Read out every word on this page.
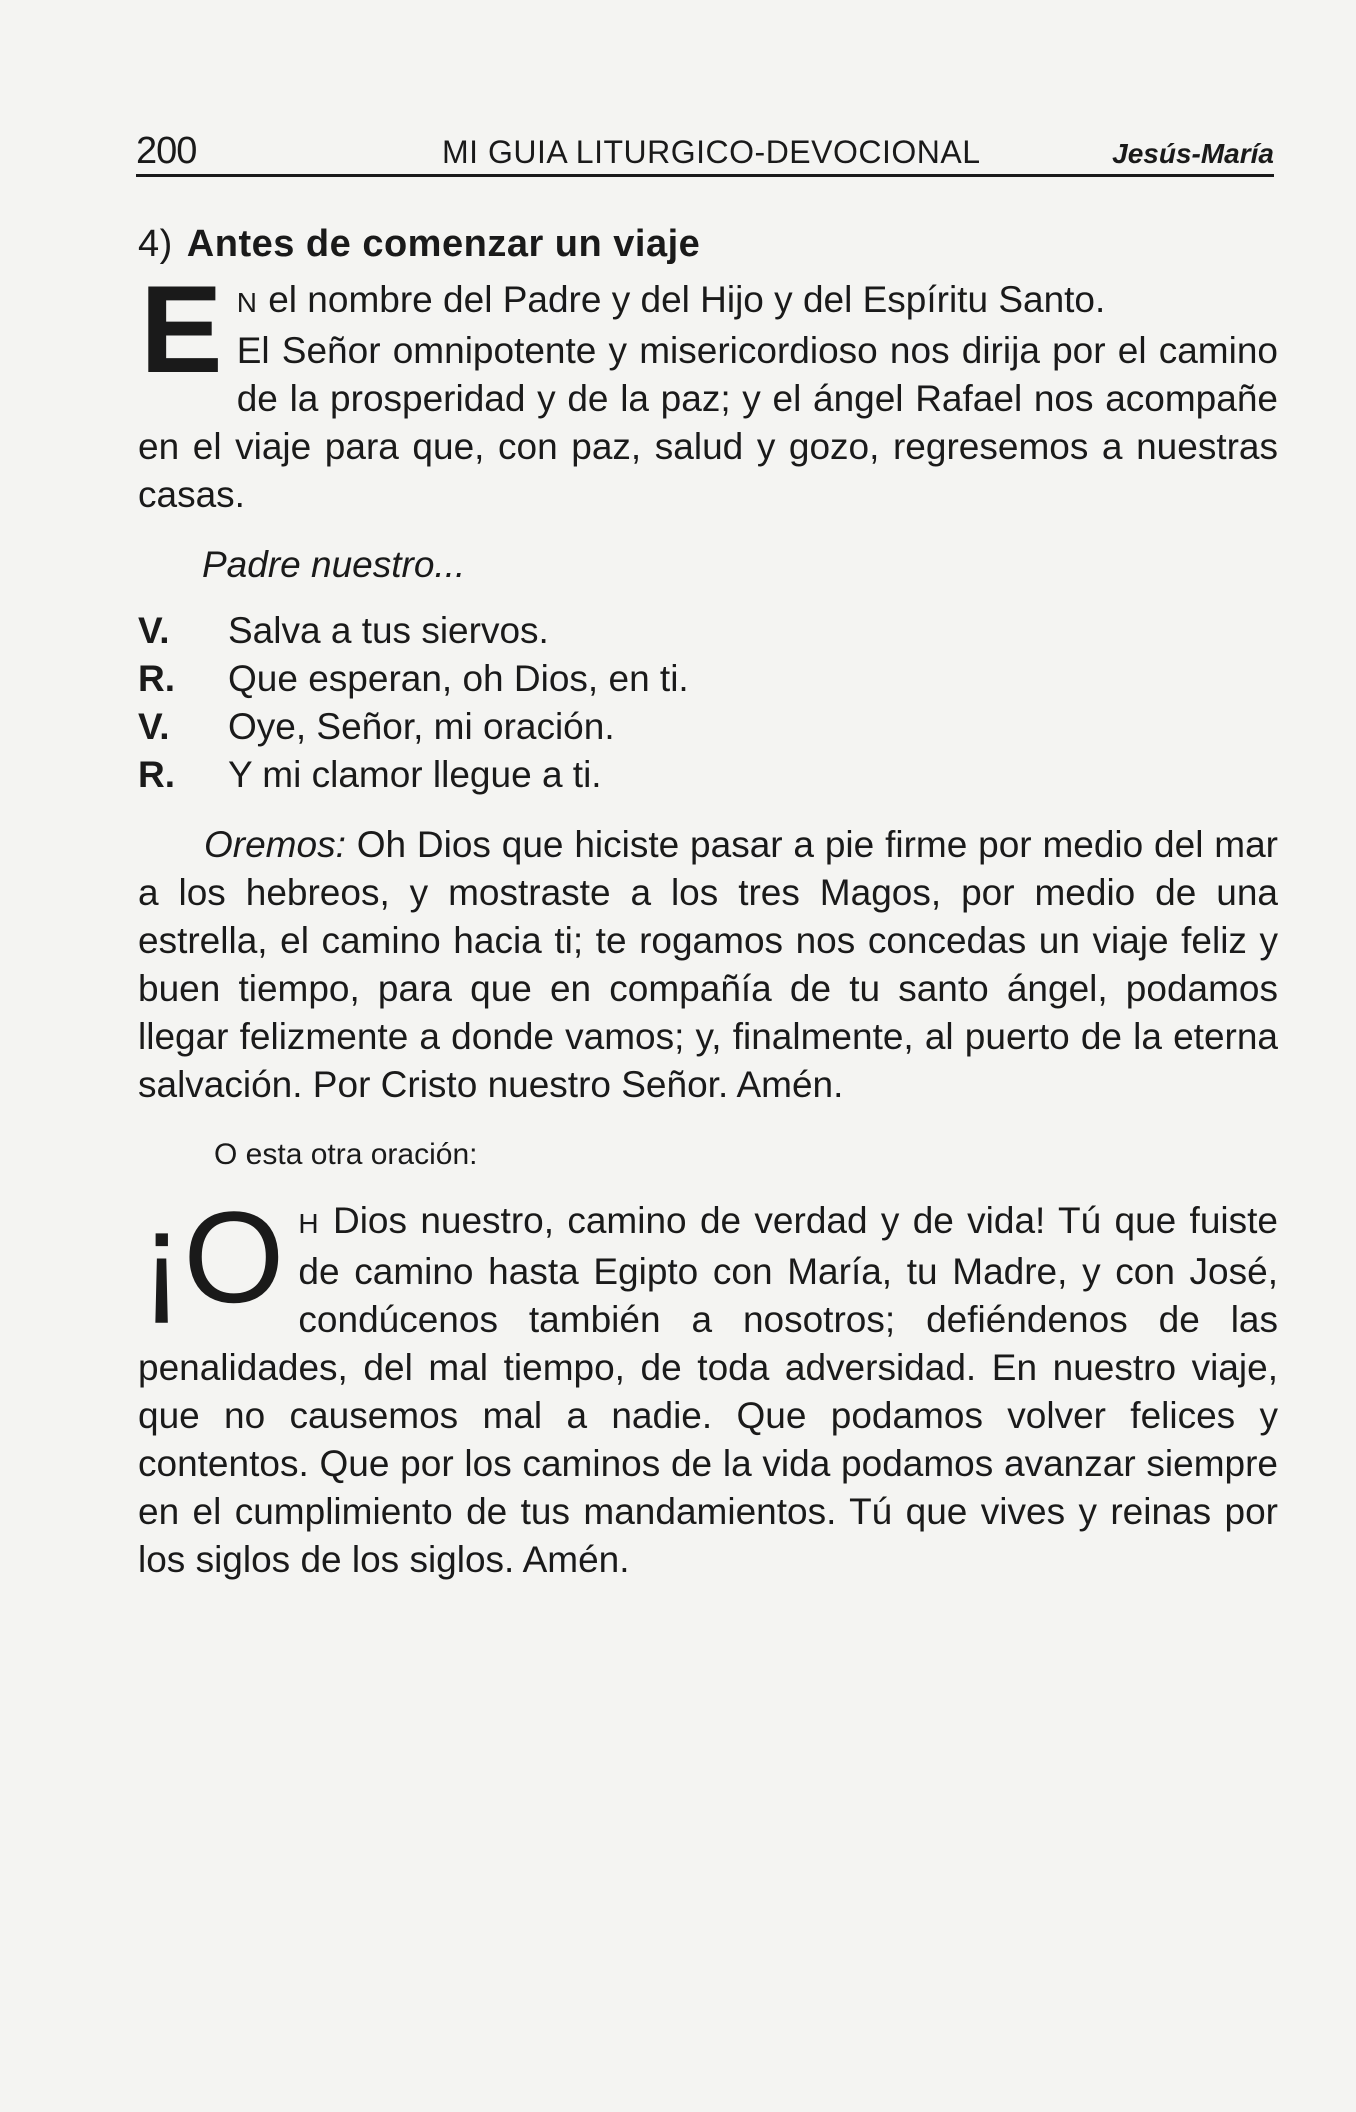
200	MI GUIA LITURGICO-DEVOCIONAL	Jesús-María

4) Antes de comenzar un viaje

E N el nombre del Padre y del Hijo y del Espíritu Santo.

El Señor omnipotente y misericordioso nos dirija por el camino de la prosperidad y de la paz; y el ángel Rafael nos acompañe en el viaje para que, con paz, salud y gozo, regresemos a nuestras casas.

Padre nuestro...

V.	Salva a tus siervos.
R.	Que esperan, oh Dios, en ti.
V.	Oye, Señor, mi oración.
R.	Y mi clamor llegue a ti.

Oremos: Oh Dios que hiciste pasar a pie firme por medio del mar a los hebreos, y mostraste a los tres Magos, por medio de una estrella, el camino hacia ti; te rogamos nos concedas un viaje feliz y buen tiempo, para que en compañía de tu santo ángel, podamos llegar felizmente a donde vamos; y, finalmente, al puerto de la eterna salvación. Por Cristo nuestro Señor. Amén.

O esta otra oración:

¡O H Dios nuestro, camino de verdad y de vida! Tú que fuiste de camino hasta Egipto con María, tu Madre, y con José, condúcenos también a nosotros; defiéndenos de las penalidades, del mal tiempo, de toda adversidad. En nuestro viaje, que no causemos mal a nadie. Que podamos volver felices y contentos. Que por los caminos de la vida podamos avanzar siempre en el cumplimiento de tus mandamientos. Tú que vives y reinas por los siglos de los siglos. Amén.
